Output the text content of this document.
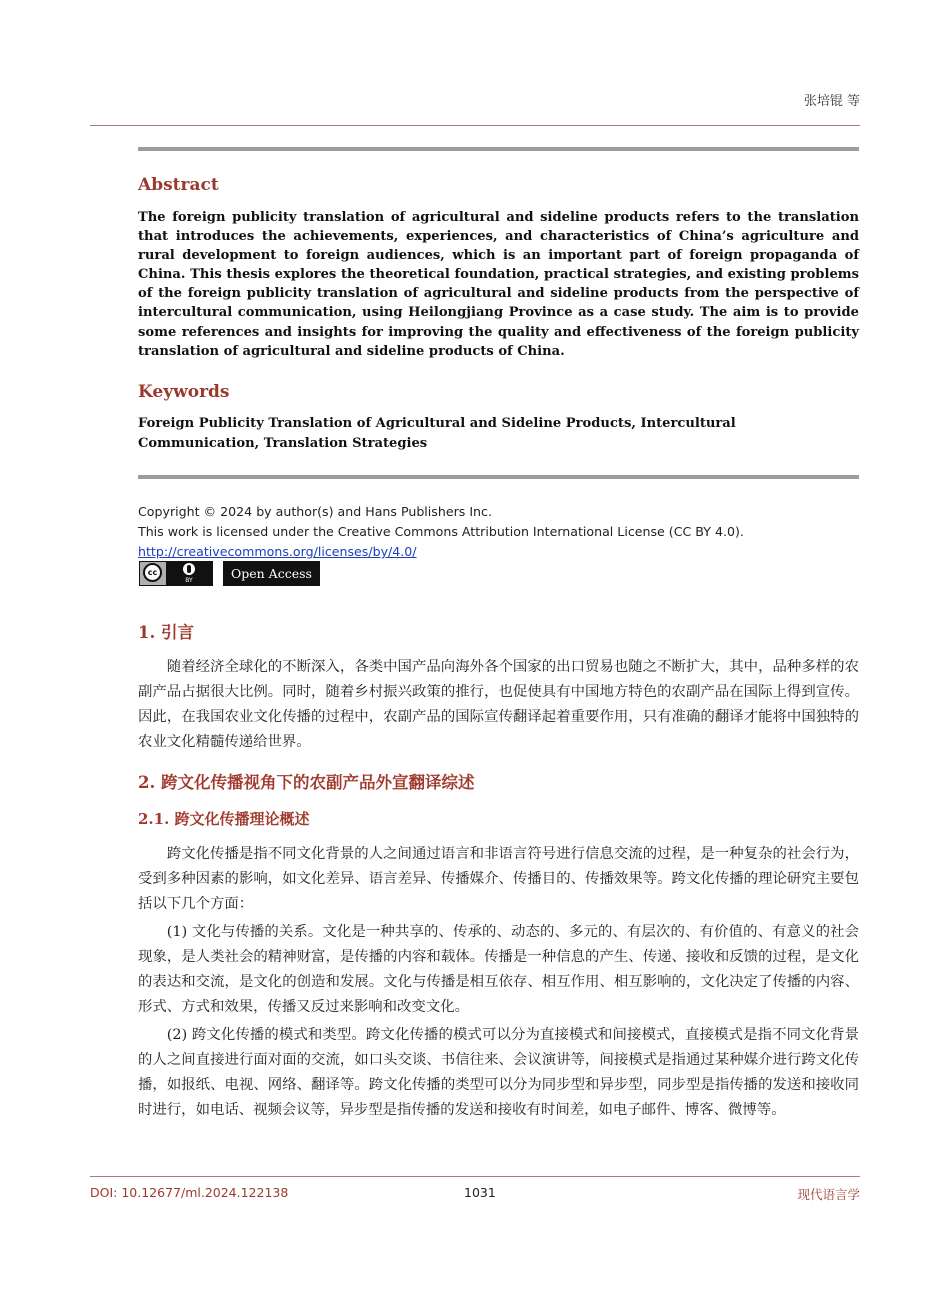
张培锟 等
Abstract
The foreign publicity translation of agricultural and sideline products refers to the translation that introduces the achievements, experiences, and characteristics of China’s agriculture and rural development to foreign audiences, which is an important part of foreign propaganda of China. This thesis explores the theoretical foundation, practical strategies, and existing problems of the foreign publicity translation of agricultural and sideline products from the perspective of intercultural communication, using Heilongjiang Province as a case study. The aim is to provide some references and insights for improving the quality and effectiveness of the foreign publicity translation of agricultural and sideline products of China.
Keywords
Foreign Publicity Translation of Agricultural and Sideline Products, Intercultural Communication, Translation Strategies
Copyright © 2024 by author(s) and Hans Publishers Inc.
This work is licensed under the Creative Commons Attribution International License (CC BY 4.0).
http://creativecommons.org/licenses/by/4.0/
cc
BY	Open Access
1. 引言
随着经济全球化的不断深入，各类中国产品向海外各个国家的出口贸易也随之不断扩大，其中，品种多样的农副产品占据很大比例。同时，随着乡村振兴政策的推行，也促使具有中国地方特色的农副产品在国际上得到宣传。因此，在我国农业文化传播的过程中，农副产品的国际宣传翻译起着重要作用，只有准确的翻译才能将中国独特的农业文化精髓传递给世界。
2. 跨文化传播视角下的农副产品外宣翻译综述
2.1. 跨文化传播理论概述
跨文化传播是指不同文化背景的人之间通过语言和非语言符号进行信息交流的过程，是一种复杂的社会行为，受到多种因素的影响，如文化差异、语言差异、传播媒介、传播目的、传播效果等。跨文化传播的理论研究主要包括以下几个方面：
(1) 文化与传播的关系。文化是一种共享的、传承的、动态的、多元的、有层次的、有价值的、有意义的社会现象，是人类社会的精神财富，是传播的内容和载体。传播是一种信息的产生、传递、接收和反馈的过程，是文化的表达和交流，是文化的创造和发展。文化与传播是相互依存、相互作用、相互影响的，文化决定了传播的内容、形式、方式和效果，传播又反过来影响和改变文化。
(2) 跨文化传播的模式和类型。跨文化传播的模式可以分为直接模式和间接模式，直接模式是指不同文化背景的人之间直接进行面对面的交流，如口头交谈、书信往来、会议演讲等，间接模式是指通过某种媒介进行跨文化传播，如报纸、电视、网络、翻译等。跨文化传播的类型可以分为同步型和异步型，同步型是指传播的发送和接收同时进行，如电话、视频会议等，异步型是指传播的发送和接收有时间差，如电子邮件、博客、微博等。
DOI: 10.12677/ml.2024.122138	1031	现代语言学
